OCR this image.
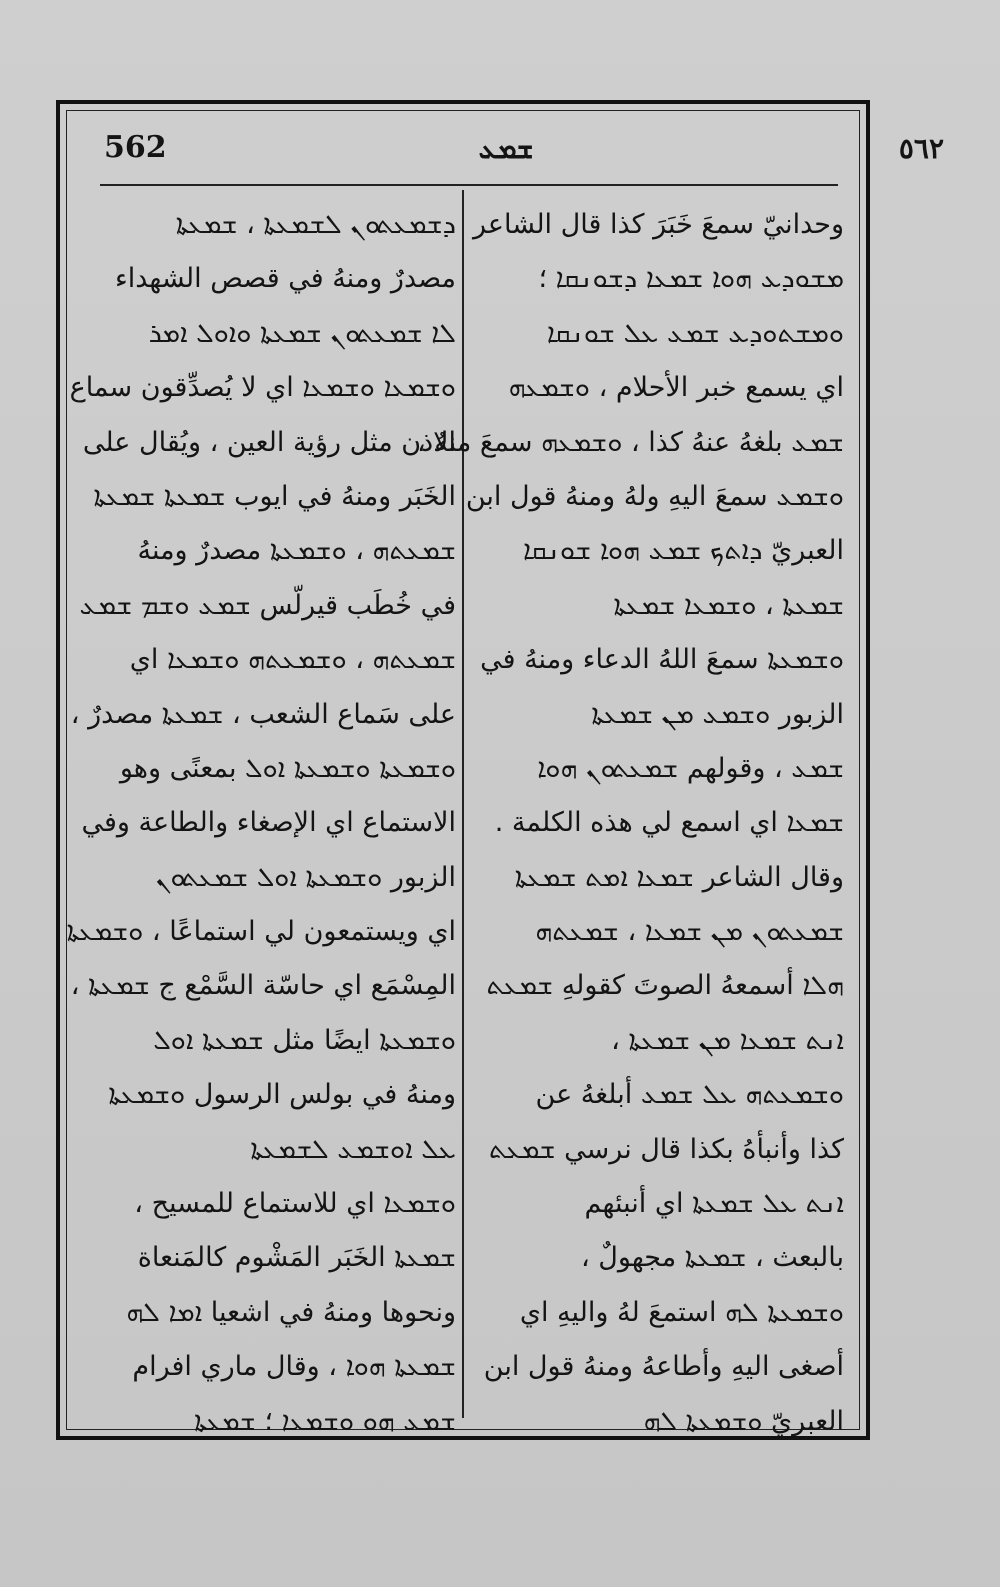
562	ܫܡܥ	٥٦٢
وحدانيّ سمعَ خَبَرَ كذا قال الشاعر
ܡܫܘܕܥ ܗܘܐ ܫܡܥܐ ܕܫܘܢܩܐ ؛
ܘܡܫܬܘܕܥ ܫܡܥ ܥܠ ܫܘܢܩܐ
اي يسمع خبر الأحلام ، ܘܫܡܥܗ
ܫܡܥ بلغهُ عنهُ كذا ، ܘܫܡܥܗ سمعَ منهُ ،
ܘܫܡܥ سمعَ اليهِ ولهُ ومنهُ قول ابن
العبريّ ܕܐܬܟ ܫܡܥ ܗܘܐ ܫܘܢܩܐ
ܫܡܥܬܐ ، ܘܫܡܥܐ ܫܡܥܬܐ
ܘܫܡܥܬܐ سمعَ اللهُ الدعاء ومنهُ في
الزبور ܘܫܡܥ ܡܢ ܫܡܥܬܐ
ܫܡܥ ، وقولهم ܫܡܥܬܘܢ ܗܘܐ
ܫܡܥܐ اي اسمع لي هذه الكلمة .
وقال الشاعر ܫܡܥܐ ܐܡܬ ܫܡܥܬܐ
ܫܡܥܬܘܢ ܡܢ ܫܡܥܐ ، ܫܡܥܬܗ
ܗܠܐ أسمعهُ الصوتَ كقولهِ ܫܡܥܬ
ܐܢܬ ܫܡܥܐ ܡܢ ܫܡܥܬܐ ،
ܘܫܡܥܬܗ ܥܠ ܫܡܥ أبلغهُ عن
كذا وأنبأهُ بكذا قال نرسي ܫܡܥܬ
ܐܢܬ ܥܠ ܫܡܥܬܐ اي أنبئهم
بالبعث ، ܫܡܥܬܐ مجهولٌ ،
ܘܫܡܥܬܐ ܠܗ استمعَ لهُ واليهِ اي
أصغى اليهِ وأطاعهُ ومنهُ قول ابن
العبريّ ܘܫܡܥܬܐ ܠܗ
ܕܫܡܥܬܘܢ ܠܫܡܥܬܐ ، ܫܡܥܬܐ
مصدرٌ ومنهُ في قصص الشهداء
ܠܐ ܫܡܥܬܘܢ ܫܡܥܬܐ ܘܐܘܠ ܐܡܪ
ܘܫܡܥܐ ܘܫܡܥܐ اي لا يُصدِّقون سماع
الاذن مثل رؤية العين ، ويُقال على
الخَبَر ومنهُ في ايوب ܫܡܥܬܐ ܫܡܥܬܐ
ܫܡܥܬܗ ، ܘܫܡܥܬܐ مصدرٌ ومنهُ
في خُطَب قيرلّس ܫܡܥ ܘܫܡ ܫܡܥ
ܫܡܥܬܗ ، ܘܫܡܥܬܗ ܘܫܡܥܐ اي
على سَماع الشعب ، ܫܡܥܬܐ مصدرٌ ،
ܘܫܡܥܬܐ ܘܫܡܥܬܐ ܐܘܠ بمعنًى وهو
الاستماع اي الإصغاء والطاعة وفي
الزبور ܘܫܡܥܬܐ ܐܘܠ ܫܡܥܬܘܢ
اي ويستمعون لي استماعًا ، ܘܫܡܥܬܐ
المِسْمَع اي حاسّة السَّمْع ج ܫܡܥܬܐ ،
ܘܫܡܥܬܐ ايضًا مثل ܫܡܥܬܐ ܐܘܠ
ومنهُ في بولس الرسول ܘܫܡܥܬܐ
ܥܠ ܐܘܫܡܥ ܠܫܡܥܬܐ
ܘܫܡܥܐ اي للاستماع للمسيح ،
ܫܡܥܬܐ الخَبَر المَشْوم كالمَنعاة
ونحوها ومنهُ في اشعيا ܐܡܐ ܠܗ
ܫܡܥܬܐ ܗܘܐ ، وقال ماري افرام
ܫܡܥ ܗܘ ܘܫܡܥܐ ؛ ܫܡܥܬܐ
